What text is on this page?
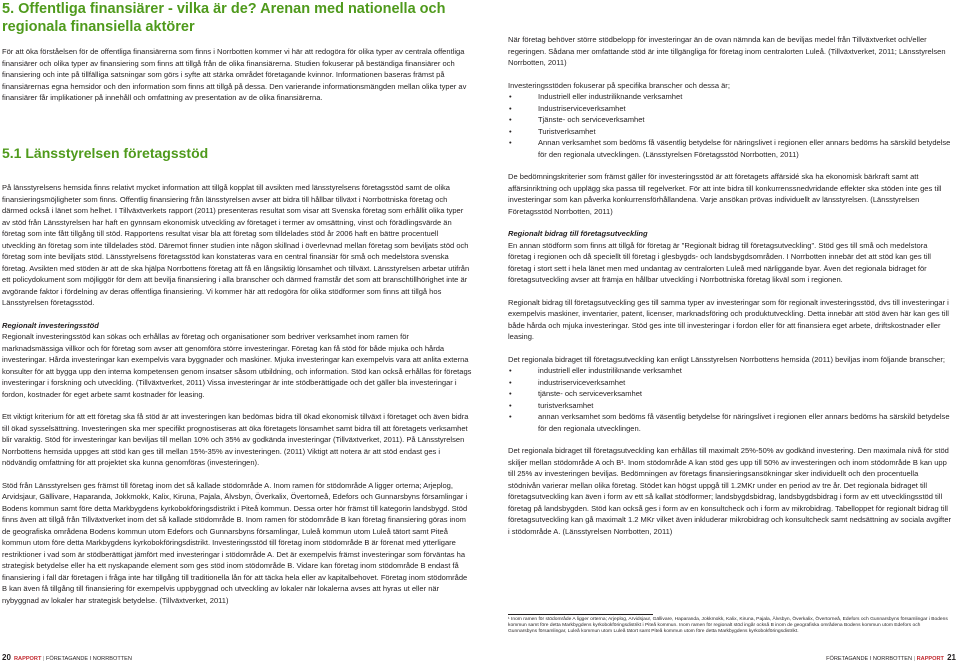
5. Offentliga finansiärer - vilka är de? Arenan med nationella och regionala finansiella aktörer

För att öka förståelsen för de offentliga finansiärerna som finns i Norrbotten kommer vi här att redogöra för olika typer av centrala offentliga finansiärer och olika typer av finansiering som finns att tillgå från de olika finansiärerna. Studien fokuserar på beständiga finansiärer och finansiering och inte på tillfälliga satsningar som görs i syfte att stärka området företagande kvinnor. Informationen baseras främst på finansiärernas egna hemsidor och den information som finns att tillgå på dessa. Den varierande informationsmängden mellan olika typer av finansiärer får implikationer på innehåll och omfattning av presentation av de olika finansiärerna.

5.1 Länsstyrelsen företagsstöd

På länsstyrelsens hemsida finns relativt mycket information att tillgå kopplat till avsikten med länsstyrelsens företagsstöd samt de olika finansieringsmöjligheter som finns. Offentlig finansiering från länsstyrelsen avser att bidra till hållbar tillväxt i Norrbottniska företag och därmed också i länet som helhet. I Tillväxtverkets rapport (2011) presenteras resultat som visar att Svenska företag som erhållit olika typer av stöd från Länsstyrelsen har haft en gynnsam ekonomisk utveckling av företaget i termer av omsättning, vinst och förädlingsvärde än företag som inte fått tillgång till stöd. Rapportens resultat visar bla att företag som tilldelades stöd år 2006 haft en bättre procentuell utveckling än företag som inte tilldelades stöd. Däremot finner studien inte någon skillnad i överlevnad mellan företag som beviljats stöd och företag som inte beviljats stöd. Länsstyrelsens företagsstöd kan konstateras vara en central finansiär för små och medelstora svenska företag. Avsikten med stöden är att de ska hjälpa Norrbottens företag att få en långsiktig lönsamhet och tillväxt. Länsstyrelsen arbetar utifrån ett policydokument som möjliggör för dem att bevilja finansiering i alla branscher och därmed framstår det som att branschtillhörighet inte är avgörande faktor i fördelning av deras offentliga finansiering. Vi kommer här att redogöra för olika stödformer som finns att tillgå hos Länsstyrelsen företagsstöd.

Regionalt investeringsstöd

Regionalt investeringsstöd kan sökas och erhållas av företag och organisationer som bedriver verksamhet inom ramen för marknadsmässiga villkor och för företag som avser att genomföra större investeringar. Företag kan få stöd för både mjuka och hårda investeringar. Hårda investeringar kan exempelvis vara byggnader och maskiner. Mjuka investeringar kan exempelvis vara att anlita externa konsulter för att bygga upp den interna kompetensen genom insatser såsom utbildning, och information. Stöd kan också erhållas för företags investeringar i forskning och utveckling. (Tillväxtverket, 2011) Vissa investeringar är inte stödberättigade och det gäller bla investeringar i fordon, kostnader för eget arbete samt kostnader för leasing.

Ett viktigt kriterium för att ett företag ska få stöd är att investeringen kan bedömas bidra till ökad ekonomisk tillväxt i företaget och även bidra till ökad sysselsättning. Investeringen ska mer specifikt prognostiseras att öka företagets lönsamhet samt bidra till att företagets verksamhet blir varaktig. Stöd för investeringar kan beviljas till mellan 10% och 35% av godkända investeringar (Tillväxtverket, 2011). På Länsstyrelsen Norrbottens hemsida uppges att stöd kan ges till mellan 15%-35% av investeringen. (2011) Viktigt att notera är att stöd endast ges i nödvändig omfattning för att projektet ska kunna genomföras (investeringen).

Stöd från Länsstyrelsen ges främst till företag inom det så kallade stödområde A. Inom ramen för stödområde A ligger orterna; Arjeplog, Arvidsjaur, Gällivare, Haparanda, Jokkmokk, Kalix, Kiruna, Pajala, Älvsbyn, Överkalix, Övertorneå, Edefors och Gunnarsbyns församlingar i Bodens kommun samt före detta Markbygdens kyrkobokföringsdistrikt i Piteå kommun. Dessa orter hör främst till kategorin landsbygd. Stöd finns även att tillgå från Tillväxtverket inom det så kallade stödområde B. Inom ramen för stödområde B kan företag finansiering göras inom de geografiska områdena Bodens kommun utom Edefors och Gunnarsbyns församlingar, Luleå kommun utom Luleå tätort samt Piteå kommun utom före detta Markbygdens kyrkobokföringsdistrikt. Investeringsstöd till företag inom stödområde B är förenat med ytterligare restriktioner i vad som är stödberättigat jämfört med investeringar i stödområde A. Det är exempelvis främst investeringar som förväntas ha strategisk betydelse eller ha ett nyskapande element som ges stöd inom stödområde B. Vidare kan företag inom stödområde B endast få finansiering i fall där företagen i fråga inte har tillgång till traditionella lån för att täcka hela eller av kapitalbehovet. Företag inom stödområde B kan även få tillgång till finansiering för exempelvis uppbyggnad och utveckling av lokaler när lokalerna avses att hyras ut eller när nybyggnad av lokaler har strategisk betydelse. (Tillväxtverket, 2011)

20 RAPPORT | FÖRETAGANDE I NORRBOTTEN

När företag behöver större stödbelopp för investeringar än de ovan nämnda kan de beviljas medel från Tillväxtverket och/eller regeringen. Sådana mer omfattande stöd är inte tillgängliga för företag inom centralorten Luleå. (Tillväxtverket, 2011; Länsstyrelsen Norrbotten, 2011)

Investeringsstöden fokuserar på specifika branscher och dessa är;

• Industriell eller industriliknande verksamhet
• Industriserviceverksamhet
• Tjänste- och serviceverksamhet
• Turistverksamhet
• Annan verksamhet som bedöms få väsentlig betydelse för näringslivet i regionen eller annars bedöms ha särskild betydelse för den regionala utvecklingen. (Länsstyrelsen Företagsstöd Norrbotten, 2011)

De bedömningskriterier som främst gäller för investeringsstöd är att företagets affärsidé ska ha ekonomisk bärkraft samt att affärsinriktning och upplägg ska passa till regelverket. För att inte bidra till konkurrenssnedvridande effekter ska stöden inte ges till investeringar som kan påverka konkurrensförhållandena. Varje ansökan prövas individuellt av länsstyrelsen. (Länsstyrelsen Företagsstöd Norrbotten, 2011)

Regionalt bidrag till företagsutveckling

En annan stödform som finns att tillgå för företag är "Regionalt bidrag till företagsutveckling". Stöd ges till små och medelstora företag i regionen och då speciellt till företag i glesbygds- och landsbygdsområden. I Norrbotten innebär det att stöd kan ges till företag i stort sett i hela länet men med undantag av centralorten Luleå med närliggande byar. Även det regionala bidraget för företagsutveckling avser att främja en hållbar utveckling i Norrbottniska företag likväl som i regionen.

Regionalt bidrag till företagsutveckling ges till samma typer av investeringar som för regionalt investeringsstöd, dvs till investeringar i exempelvis maskiner, inventarier, patent, licenser, marknadsföring och produktutveckling. Detta innebär att stöd även här kan ges till både hårda och mjuka investeringar. Stöd ges inte till investeringar i fordon eller för att finansiera eget arbete, driftskostnader eller leasing.

Det regionala bidraget till företagsutveckling kan enligt Länsstyrelsen Norrbottens hemsida (2011) beviljas inom följande branscher;

• industriell eller industriliknande verksamhet
• industriserviceverksamhet
• tjänste- och serviceverksamhet
• turistverksamhet
• annan verksamhet som bedöms få väsentlig betydelse för näringslivet i regionen eller annars bedöms ha särskild betydelse för den regionala utvecklingen.

Det regionala bidraget till företagsutveckling kan erhållas till maximalt 25%-50% av godkänd investering. Den maximala nivå för stöd skiljer mellan stödområde A och B¹. Inom stödområde A kan stöd ges upp till 50% av investeringen och inom stödområde B kan upp till 25% av investeringen beviljas. Bedömningen av företags finansieringsansökningar sker individuellt och den procentuella stödnivån varierar mellan olika företag. Stödet kan högst uppgå till 1.2MKr under en period av tre år. Det regionala bidraget till företagsutveckling kan även i form av ett så kallat stödformer; landsbygdsbidrag, landsbygdsbidrag i form av ett utvecklingsstöd till företag på landsbygden. Stöd kan också ges i form av en konsultcheck och i form av mikrobidrag. Tabelloppet för regionalt bidrag till företagsutveckling kan gå maximalt 1.2 MKr vilket även inkluderar mikrobidrag och konsultcheck samt nedsättning av sociala avgifter i stödområde A. (Länsstyrelsen Norrbotten, 2011)

¹ Inom ramen för stödområde A ligger orterna; Arjeplog, Arvidsjaur, Gällivare, Haparanda, Jokkmokk, Kalix, Kiruna, Pajala, Älvsbyn, Överkalix, Övertorneå, Edefors och Gunnarsbyns församlingar i Bodens kommun samt före detta Markbygdens kyrkobokföringsdistrikt i Piteå kommun. Inom ramen för regionalt stöd ingår också B inom de geografiska områdena Bodens kommun utom Edefors och Gunnarsbyns församlingar, Luleå kommun utom Luleå tätort samt Piteå kommun utom före detta Markbygdens kyrkobokföringsdistrikt.
FÖRETAGANDE I NORRBOTTEN | RAPPORT 21
